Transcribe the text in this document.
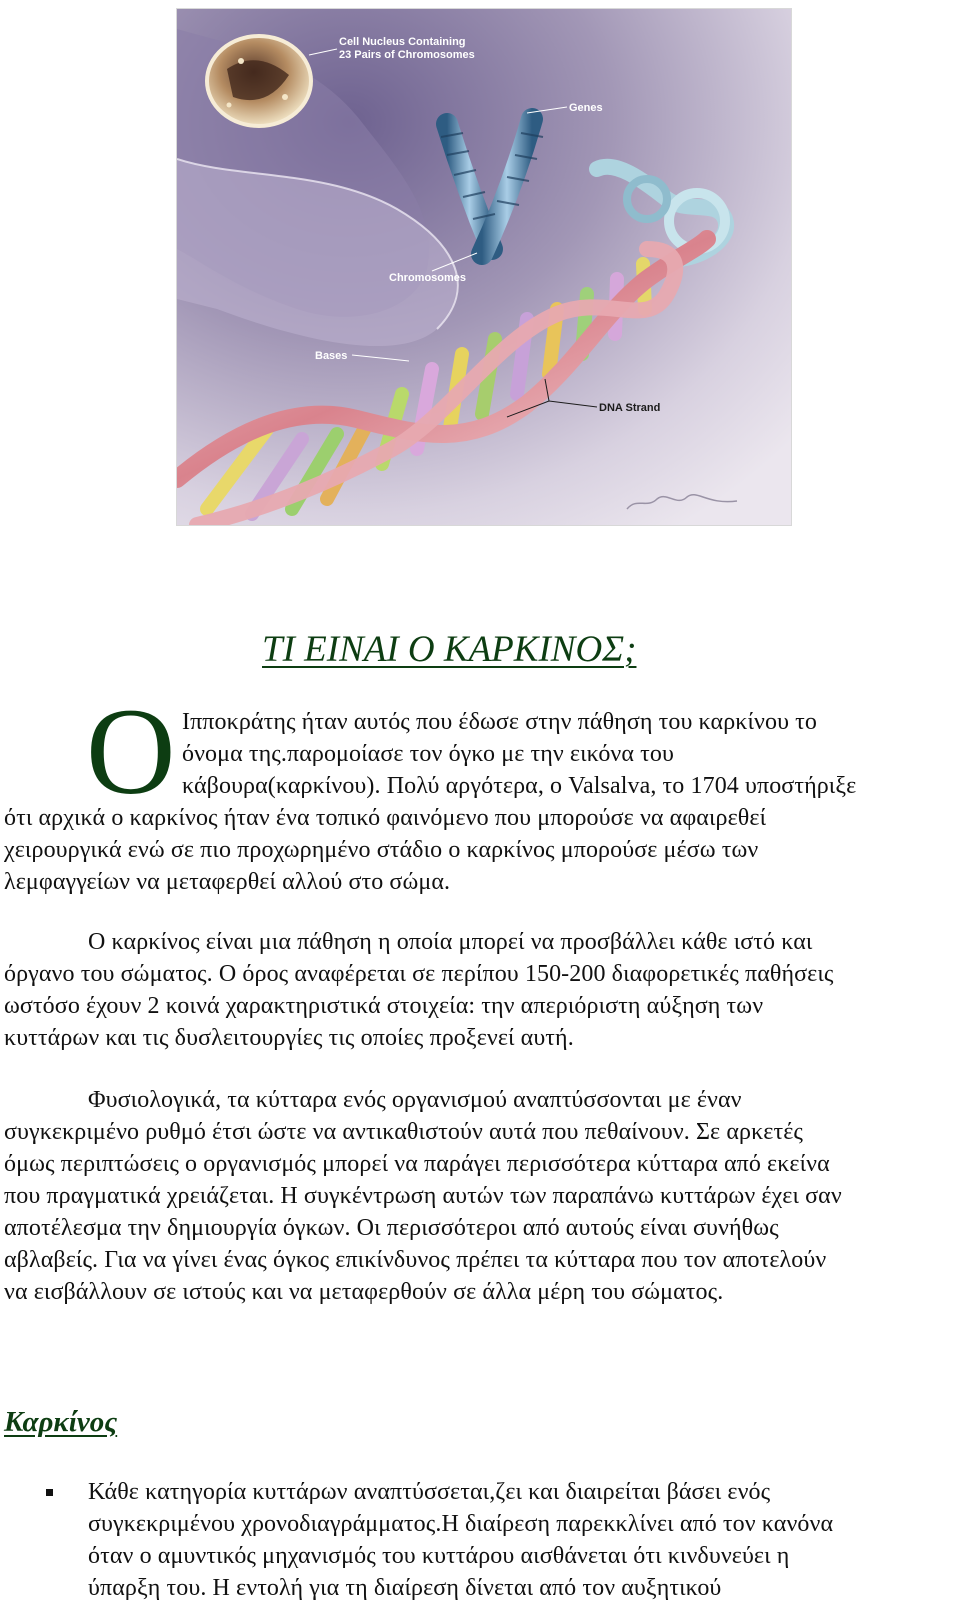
Cell Nucleus Containing
23 Pairs of Chromosomes
Genes
Chromosomes
Bases
DNA Strand
ΤΙ ΕΙΝΑΙ Ο ΚΑΡΚΙΝΟΣ;
Ο Ιπποκράτης ήταν αυτός που έδωσε στην πάθηση του καρκίνου το
όνομα της.παρομοίασε τον όγκο με την εικόνα του
κάβουρα(καρκίνου). Πολύ αργότερα, ο Valsalva, το 1704 υποστήριξε
ότι αρχικά ο καρκίνος ήταν ένα τοπικό φαινόμενο που μπορούσε να αφαιρεθεί
χειρουργικά ενώ σε πιο προχωρημένο στάδιο ο καρκίνος μπορούσε μέσω των
λεμφαγγείων να μεταφερθεί αλλού στο σώμα.
Ο καρκίνος είναι μια πάθηση η οποία μπορεί να προσβάλλει κάθε ιστό και
όργανο του σώματος. Ο όρος αναφέρεται σε περίπου 150-200 διαφορετικές παθήσεις
ωστόσο έχουν 2 κοινά χαρακτηριστικά στοιχεία: την απεριόριστη αύξηση των
κυττάρων και τις δυσλειτουργίες τις οποίες προξενεί αυτή.
Φυσιολογικά, τα κύτταρα ενός οργανισμού αναπτύσσονται με έναν
συγκεκριμένο ρυθμό έτσι ώστε να αντικαθιστούν αυτά που πεθαίνουν. Σε αρκετές
όμως περιπτώσεις ο οργανισμός μπορεί να παράγει περισσότερα κύτταρα από εκείνα
που πραγματικά χρειάζεται. Η συγκέντρωση αυτών των παραπάνω κυττάρων έχει σαν
αποτέλεσμα την δημιουργία όγκων. Οι περισσότεροι από αυτούς είναι συνήθως
αβλαβείς. Για να γίνει ένας όγκος επικίνδυνος πρέπει τα κύτταρα που τον αποτελούν
να εισβάλλουν σε ιστούς και να μεταφερθούν σε άλλα μέρη του σώματος.
Καρκίνος
Κάθε κατηγορία κυττάρων αναπτύσσεται,ζει και διαιρείται βάσει ενός
συγκεκριμένου χρονοδιαγράμματος.Η διαίρεση παρεκκλίνει από τον κανόνα
όταν ο αμυντικός μηχανισμός του κυττάρου αισθάνεται ότι κινδυνεύει η
ύπαρξη του. Η εντολή για τη διαίρεση δίνεται από τον αυξητικού
